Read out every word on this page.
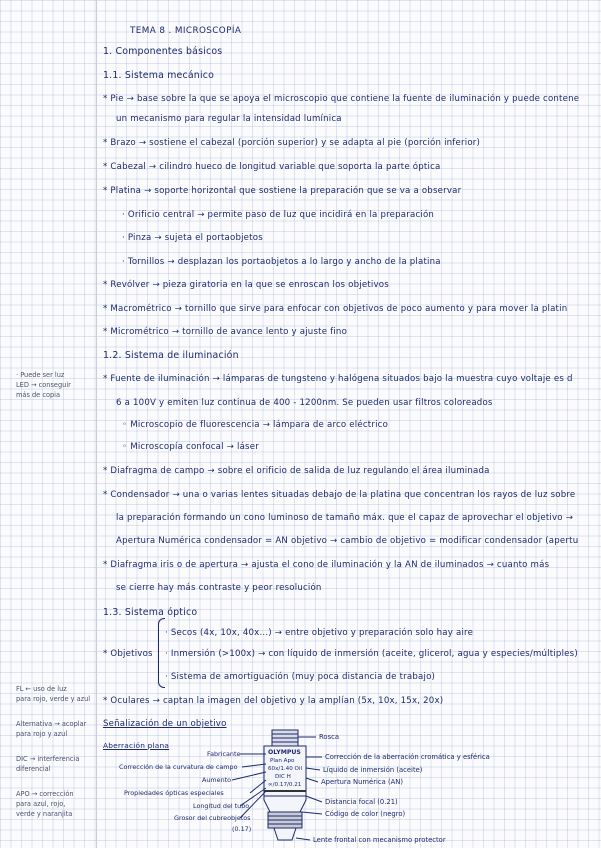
TEMA 8 . MICROSCOPÍA
1. Componentes básicos
1.1. Sistema mecánico
* Pie → base sobre la que se apoya el microscopio que contiene la fuente de iluminación y puede contene
un mecanismo para regular la intensidad lumínica
* Brazo → sostiene el cabezal (porción superior) y se adapta al pie (porción inferior)
* Cabezal → cilindro hueco de longitud variable que soporta la parte óptica
* Platina → soporte horizontal que sostiene la preparación que se va a observar
· Orificio central → permite paso de luz que incidirá en la preparación
· Pinza → sujeta el portaobjetos
· Tornillos → desplazan los portaobjetos a lo largo y ancho de la platina
* Revólver → pieza giratoria en la que se enroscan los objetivos
* Macrométrico → tornillo que sirve para enfocar con objetivos de poco aumento y para mover la platin
* Micrométrico → tornillo de avance lento y ajuste fino
1.2. Sistema de iluminación
* Fuente de iluminación → lámparas de tungsteno y halógena situados bajo la muestra cuyo voltaje es d
6 a 100V y emiten luz continua de 400 - 1200nm. Se pueden usar filtros coloreados
◦ Microscopio de fluorescencia → lámpara de arco eléctrico
◦ Microscopía confocal → láser
* Diafragma de campo → sobre el orificio de salida de luz regulando el área iluminada
* Condensador → una o varias lentes situadas debajo de la platina que concentran los rayos de luz sobre
la preparación formando un cono luminoso de tamaño máx. que el capaz de aprovechar el objetivo →
Apertura Numérica condensador = AN objetivo → cambio de objetivo = modificar condensador (apertu
* Diafragma iris o de apertura → ajusta el cono de iluminación y la AN de iluminados → cuanto más
se cierre hay más contraste y peor resolución
1.3. Sistema óptico
· Secos (4x, 10x, 40x...) → entre objetivo y preparación solo hay aire
* Objetivos · Inmersión (>100x) → con líquido de inmersión (aceite, glicerol, agua y especies/múltiples)
· Sistema de amortiguación (muy poca distancia de trabajo)
* Oculares → captan la imagen del objetivo y la amplían (5x, 10x, 15x, 20x)
Señalización de un objetivo
Aberración plana
· Puede ser luz
LED → conseguir
más de copia
FL ← uso de luz
para rojo, verde y azul
Alternativa → acoplar
para rojo y azul
DIC → interferencia
diferencial
APO → corrección
para azul, rojo,
verde y naranjita
OLYMPUS
Plan Apo
60x/1.40 Oil
DIC H
∞/0.17/0.21
Fabricante
Corrección de la curvatura de campo
Aumento
Propiedades ópticas especiales
Longitud del tubo
Grosor del cubreobjetos
(0.17)
Rosca
Corrección de la aberración cromática y esférica
Líquido de inmersión (aceite)
Apertura Numérica (AN)
Distancia focal (0.21)
Código de color (negro)
Lente frontal con mecanismo protector
